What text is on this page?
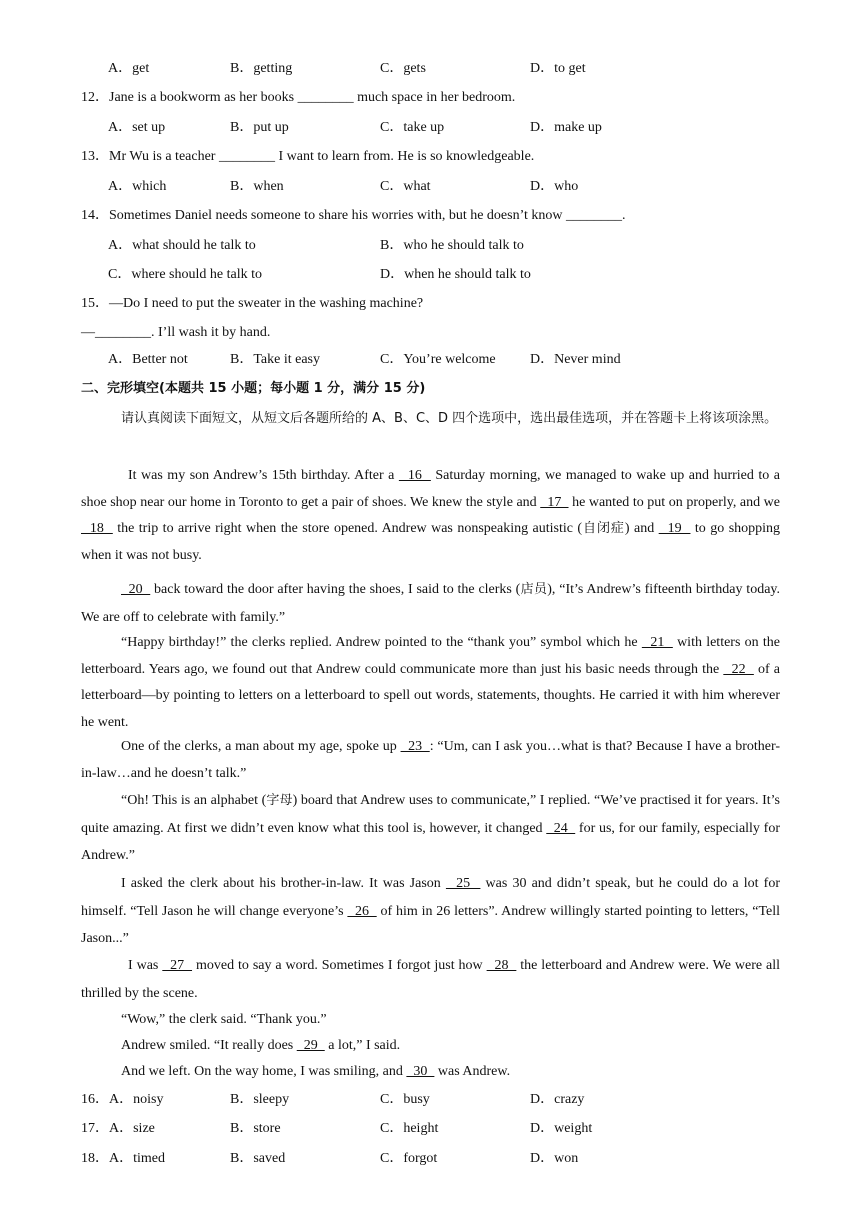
A．get	B．getting	C．gets	D．to get
12．Jane is a bookworm as her books ________ much space in her bedroom.
A．set up	B．put up	C．take up	D．make up
13．Mr Wu is a teacher ________ I want to learn from. He is so knowledgeable.
A．which	B．when	C．what	D．who
14．Sometimes Daniel needs someone to share his worries with, but he doesn’t know ________.
A．what should he talk to	B．who he should talk to
C．where should he talk to	D．when he should talk to
15．—Do I need to put the sweater in the washing machine?
—________. I’ll wash it by hand.
A．Better not	B．Take it easy	C．You’re welcome D．Never mind
二、完形填空(本题共 15 小题；每小题 1 分，满分 15 分)
请认真阅读下面短文，从短文后各题所给的 A、B、C、D 四个选项中，选出最佳选项，并在答题卡上将该项涂黑。
It was my son Andrew’s 15th birthday. After a   16   Saturday morning, we managed to wake up and hurried to a shoe shop near our home in Toronto to get a pair of shoes. We knew the style and   17   he wanted to put on properly, and we   18   the trip to arrive right when the store opened. Andrew was nonspeaking autistic (自闭症) and   19   to go shopping when it was not busy.
20   back toward the door after having the shoes, I said to the clerks (店员), “It’s Andrew’s fifteenth birthday today. We are off to celebrate with family.”
“Happy birthday!” the clerks replied. Andrew pointed to the “thank you” symbol which he   21   with letters on the letterboard. Years ago, we found out that Andrew could communicate more than just his basic needs through the   22   of a letterboard—by pointing to letters on a letterboard to spell out words, statements, thoughts. He carried it with him wherever he went.
One of the clerks, a man about my age, spoke up   23  : “Um, can I ask you…what is that? Because I have a brother-in-law…and he doesn’t talk.”
“Oh! This is an alphabet (字母) board that Andrew uses to communicate,” I replied. “We’ve practised it for years. It’s quite amazing. At first we didn’t even know what this tool is, however, it changed   24   for us, for our family, especially for Andrew.”
I asked the clerk about his brother-in-law. It was Jason   25   was 30 and didn’t speak, but he could do a lot for himself. “Tell Jason he will change everyone’s   26   of him in 26 letters”. Andrew willingly started pointing to letters, “Tell Jason...”
I was   27   moved to say a word. Sometimes I forgot just how   28   the letterboard and Andrew were. We were all thrilled by the scene.
“Wow,” the clerk said. “Thank you.”
Andrew smiled. “It really does   29   a lot,” I said.
And we left. On the way home, I was smiling, and   30   was Andrew.
16．A．noisy	B．sleepy	C．busy	D．crazy
17．A．size	B．store	C．height	D．weight
18．A．timed	B．saved	C．forgot	D．won
